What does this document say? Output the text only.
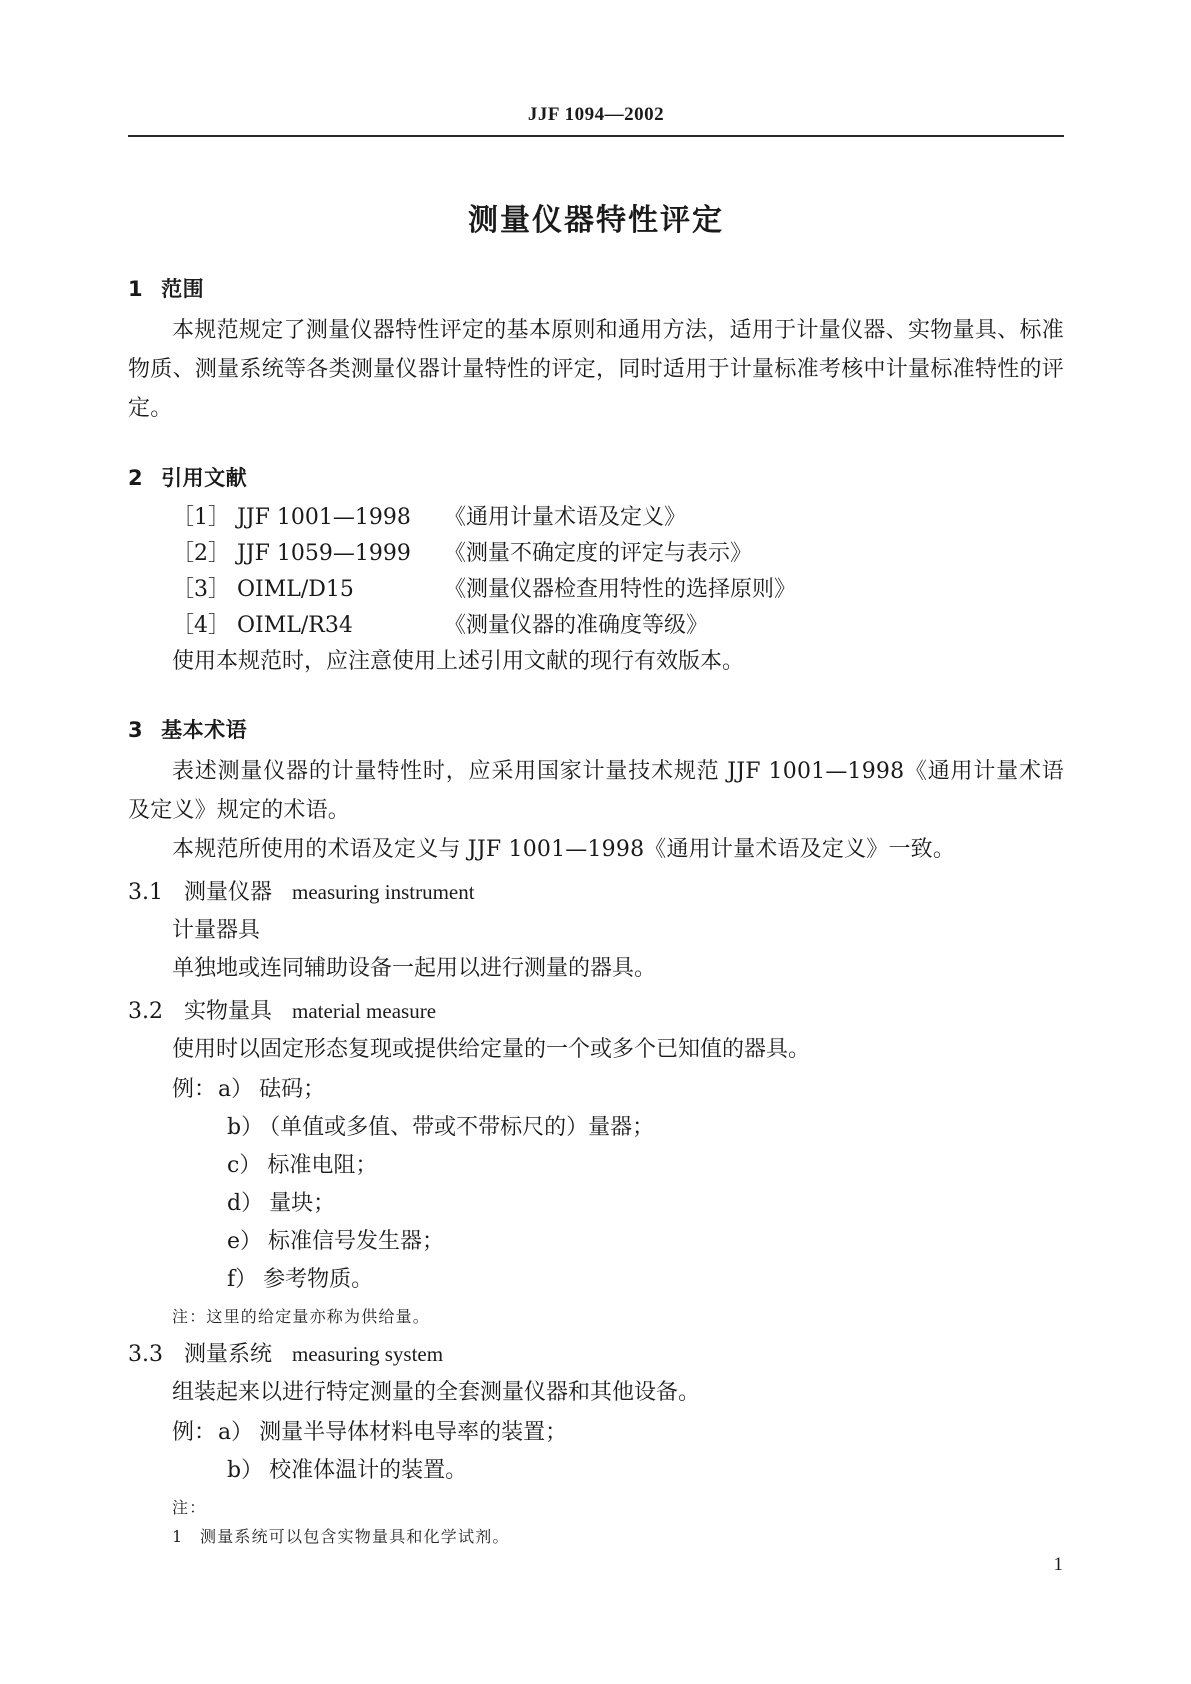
JJF 1094—2002
测量仪器特性评定
1 范围

本规范规定了测量仪器特性评定的基本原则和通用方法，适用于计量仪器、实物量具、标准物质、测量系统等各类测量仪器计量特性的评定，同时适用于计量标准考核中计量标准特性的评定。

2 引用文献
［1］ JJF 1001—1998 《通用计量术语及定义》
［2］ JJF 1059—1999 《测量不确定度的评定与表示》
［3］ OIML/D15	《测量仪器检查用特性的选择原则》
［4］ OIML/R34	《测量仪器的准确度等级》
使用本规范时，应注意使用上述引用文献的现行有效版本。
3 基本术语

表述测量仪器的计量特性时，应采用国家计量技术规范 JJF 1001—1998《通用计量术语及定义》规定的术语。

本规范所使用的术语及定义与 JJF 1001—1998《通用计量术语及定义》一致。

3.1 测量仪器 measuring instrument
计量器具
单独地或连同辅助设备一起用以进行测量的器具。
3.2 实物量具 material measure
使用时以固定形态复现或提供给定量的一个或多个已知值的器具。
例：a） 砝码；
b） （单值或多值、带或不带标尺的）量器；
c） 标准电阻；
d） 量块；
e） 标准信号发生器；
f） 参考物质。
注：这里的给定量亦称为供给量。
3.3 测量系统 measuring system
组装起来以进行特定测量的全套测量仪器和其他设备。
例：a） 测量半导体材料电导率的装置；
b） 校准体温计的装置。
注：
1 测量系统可以包含实物量具和化学试剂。
1
